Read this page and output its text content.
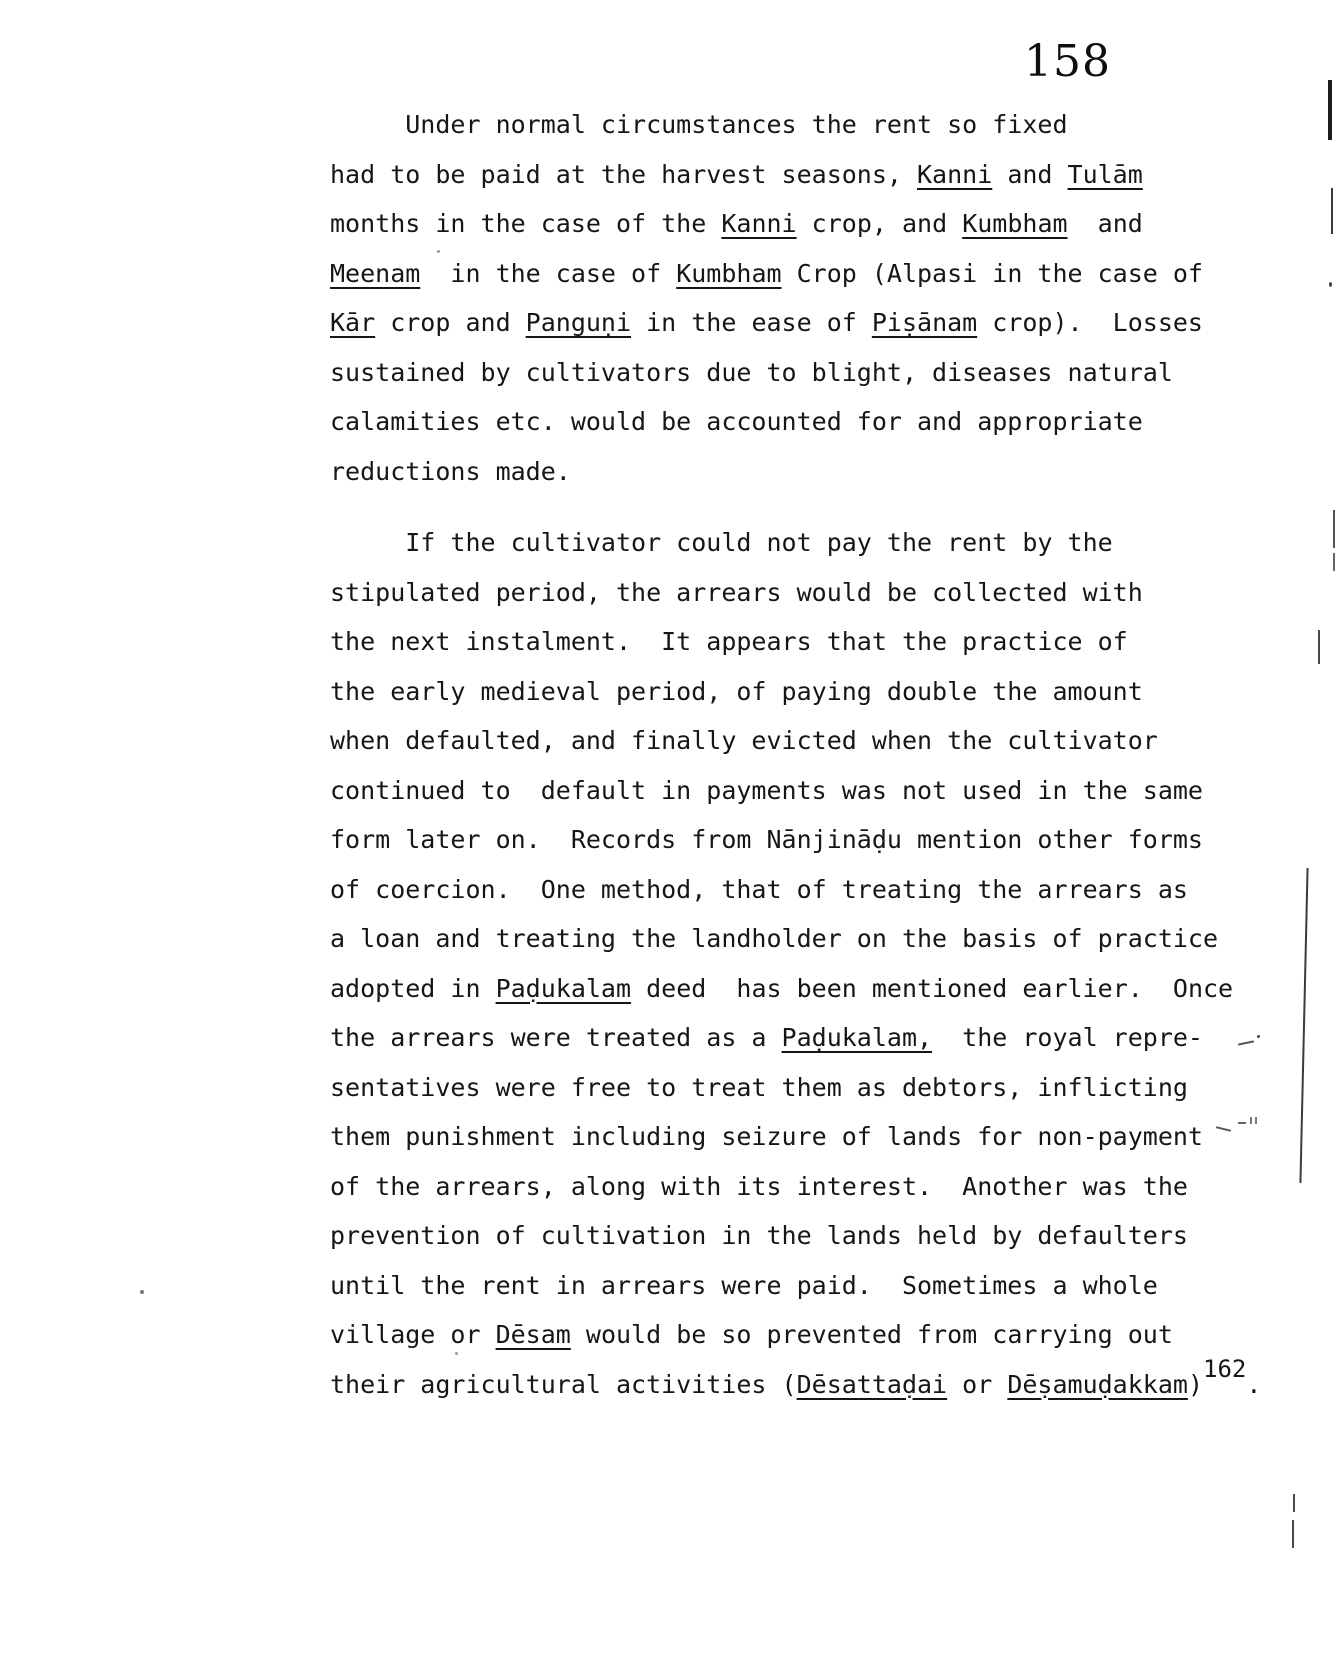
158
Under normal circumstances the rent so fixed
had to be paid at the harvest seasons, Kanni and Tulām
months in the case of the Kanni crop, and Kumbham  and
Meenam  in the case of Kumbham Crop (Alpasi in the case of
Kār crop and Panguṇi in the ease of Piṣānam crop).  Losses
sustained by cultivators due to blight, diseases natural
calamities etc. would be accounted for and appropriate
reductions made.
If the cultivator could not pay the rent by the
stipulated period, the arrears would be collected with
the next instalment.  It appears that the practice of
the early medieval period, of paying double the amount
when defaulted, and finally evicted when the cultivator
continued to  default in payments was not used in the same
form later on.  Records from Nānjināḍu mention other forms
of coercion.  One method, that of treating the arrears as
a loan and treating the landholder on the basis of practice
adopted in Paḍukalam deed  has been mentioned earlier.  Once
the arrears were treated as a Paḍukalam,  the royal repre-
sentatives were free to treat them as debtors, inflicting
them punishment including seizure of lands for non-payment
of the arrears, along with its interest.  Another was the
prevention of cultivation in the lands held by defaulters
until the rent in arrears were paid.  Sometimes a whole
village or Dēsam would be so prevented from carrying out
their agricultural activities (Dēsattaḍai or Dēṣamuḍakkam)$^{162}$.
